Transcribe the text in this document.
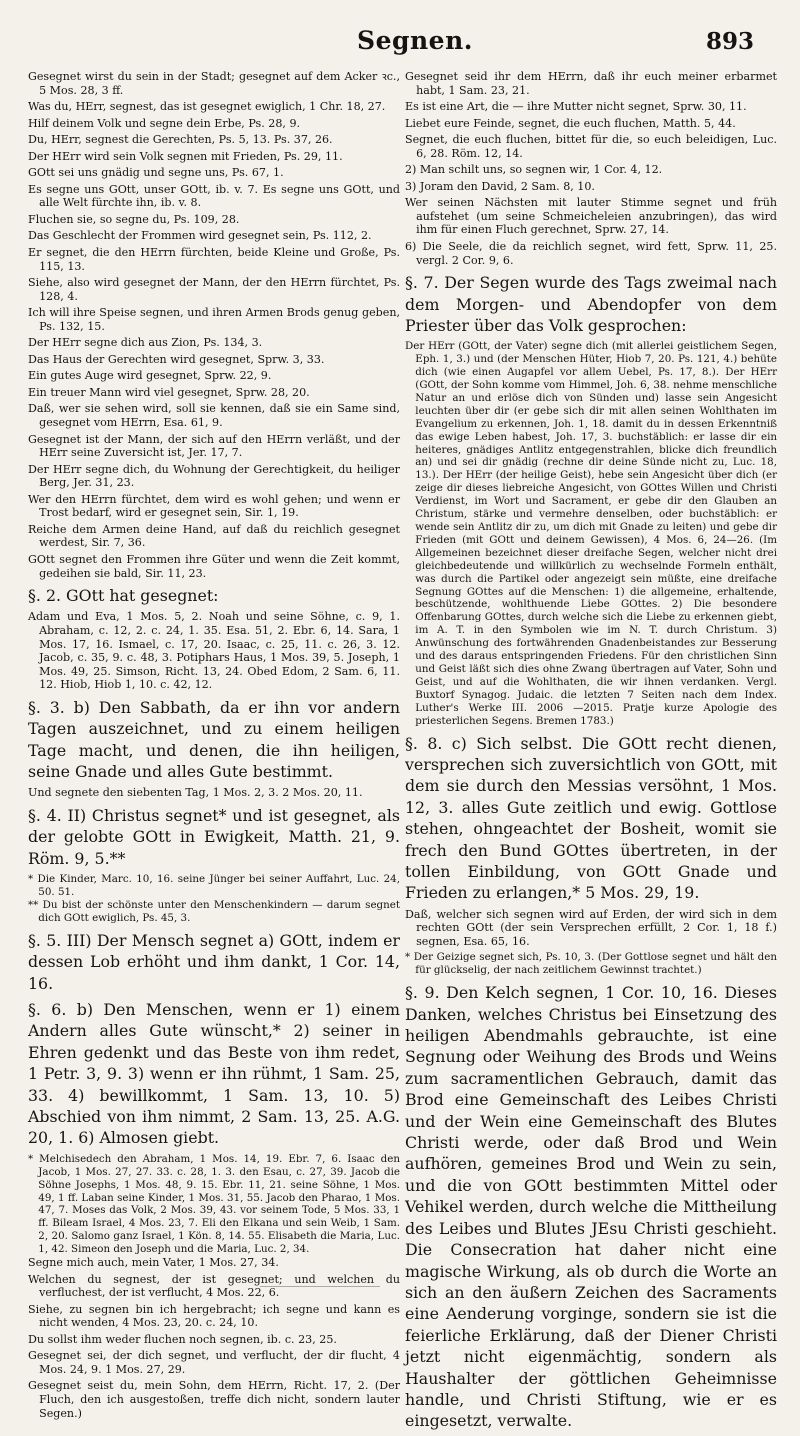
Segnen.	893

Gesegnet wirst du sein in der Stadt; gesegnet auf dem Acker ꝛc., 5 Mos. 28, 3 ff.

Was du, HErr, segnest, das ist gesegnet ewiglich, 1 Chr. 18, 27.

Hilf deinem Volk und segne dein Erbe, Ps. 28, 9.

Du, HErr, segnest die Gerechten, Ps. 5, 13. Ps. 37, 26.

Der HErr wird sein Volk segnen mit Frieden, Ps. 29, 11.

GOtt sei uns gnädig und segne uns, Ps. 67, 1.

Es segne uns GOtt, unser GOtt, ib. v. 7. Es segne uns GOtt, und alle Welt fürchte ihn, ib. v. 8.

Fluchen sie, so segne du, Ps. 109, 28.

Das Geschlecht der Frommen wird gesegnet sein, Ps. 112, 2.

Er segnet, die den HErrn fürchten, beide Kleine und Große, Ps. 115, 13.

Siehe, also wird gesegnet der Mann, der den HErrn fürchtet, Ps. 128, 4.

Ich will ihre Speise segnen, und ihren Armen Brods genug geben, Ps. 132, 15.

Der HErr segne dich aus Zion, Ps. 134, 3.

Das Haus der Gerechten wird gesegnet, Sprw. 3, 33.

Ein gutes Auge wird gesegnet, Sprw. 22, 9.

Ein treuer Mann wird viel gesegnet, Sprw. 28, 20.

Daß, wer sie sehen wird, soll sie kennen, daß sie ein Same sind, gesegnet vom HErrn, Esa. 61, 9.

Gesegnet ist der Mann, der sich auf den HErrn verläßt, und der HErr seine Zuversicht ist, Jer. 17, 7.

Der HErr segne dich, du Wohnung der Gerechtigkeit, du heiliger Berg, Jer. 31, 23.

Wer den HErrn fürchtet, dem wird es wohl gehen; und wenn er Trost bedarf, wird er gesegnet sein, Sir. 1, 19.

Reiche dem Armen deine Hand, auf daß du reichlich gesegnet werdest, Sir. 7, 36.

GOtt segnet den Frommen ihre Güter und wenn die Zeit kommt, gedeihen sie bald, Sir. 11, 23.

§. 2. GOtt hat gesegnet:

Adam und Eva, 1 Mos. 5, 2. Noah und seine Söhne, c. 9, 1. Abraham, c. 12, 2. c. 24, 1. 35. Esa. 51, 2. Ebr. 6, 14. Sara, 1 Mos. 17, 16. Ismael, c. 17, 20. Isaac, c. 25, 11. c. 26, 3. 12. Jacob, c. 35, 9. c. 48, 3. Potiphars Haus, 1 Mos. 39, 5. Joseph, 1 Mos. 49, 25. Simson, Richt. 13, 24. Obed Edom, 2 Sam. 6, 11. 12. Hiob, Hiob 1, 10. c. 42, 12.

§. 3. b) Den Sabbath, da er ihn vor andern Tagen auszeichnet, und zu einem heiligen Tage macht, und denen, die ihn heiligen, seine Gnade und alles Gute bestimmt.

Und segnete den siebenten Tag, 1 Mos. 2, 3. 2 Mos. 20, 11.

§. 4. II) Christus segnet* und ist gesegnet, als der gelobte GOtt in Ewigkeit, Matth. 21, 9. Röm. 9, 5.**

* Die Kinder, Marc. 10, 16. seine Jünger bei seiner Auffahrt, Luc. 24, 50. 51.

** Du bist der schönste unter den Menschenkindern — darum segnet dich GOtt ewiglich, Ps. 45, 3.

§. 5. III) Der Mensch segnet a) GOtt, indem er dessen Lob erhöht und ihm dankt, 1 Cor. 14, 16.

§. 6. b) Den Menschen, wenn er 1) einem Andern alles Gute wünscht,* 2) seiner in Ehren gedenkt und das Beste von ihm redet, 1 Petr. 3, 9. 3) wenn er ihn rühmt, 1 Sam. 25, 33. 4) bewillkommt, 1 Sam. 13, 10. 5) Abschied von ihm nimmt, 2 Sam. 13, 25. A.G. 20, 1. 6) Almosen giebt.

* Melchisedech den Abraham, 1 Mos. 14, 19. Ebr. 7, 6. Isaac den Jacob, 1 Mos. 27, 27. 33. c. 28, 1. 3. den Esau, c. 27, 39. Jacob die Söhne Josephs, 1 Mos. 48, 9. 15. Ebr. 11, 21. seine Söhne, 1 Mos. 49, 1 ff. Laban seine Kinder, 1 Mos. 31, 55. Jacob den Pharao, 1 Mos. 47, 7. Moses das Volk, 2 Mos. 39, 43. vor seinem Tode, 5 Mos. 33, 1 ff. Bileam Israel, 4 Mos. 23, 7. Eli den Elkana und sein Weib, 1 Sam. 2, 20. Salomo ganz Israel, 1 Kön. 8, 14. 55. Elisabeth die Maria, Luc. 1, 42. Simeon den Joseph und die Maria, Luc. 2, 34.

Segne mich auch, mein Vater, 1 Mos. 27, 34.

Welchen du segnest, der ist gesegnet; und welchen du verfluchest, der ist verflucht, 4 Mos. 22, 6.

Siehe, zu segnen bin ich hergebracht; ich segne und kann es nicht wenden, 4 Mos. 23, 20. c. 24, 10.

Du sollst ihm weder fluchen noch segnen, ib. c. 23, 25.

Gesegnet sei, der dich segnet, und verflucht, der dir flucht, 4 Mos. 24, 9. 1 Mos. 27, 29.

Gesegnet seist du, mein Sohn, dem HErrn, Richt. 17, 2. (Der Fluch, den ich ausgestoßen, treffe dich nicht, sondern lauter Segen.)

Gesegnet seid ihr dem HErrn, daß ihr euch meiner erbarmet habt, 1 Sam. 23, 21.

Es ist eine Art, die — ihre Mutter nicht segnet, Sprw. 30, 11.

Liebet eure Feinde, segnet, die euch fluchen, Matth. 5, 44.

Segnet, die euch fluchen, bittet für die, so euch beleidigen, Luc. 6, 28. Röm. 12, 14.

2) Man schilt uns, so segnen wir, 1 Cor. 4, 12.

3) Joram den David, 2 Sam. 8, 10.

Wer seinen Nächsten mit lauter Stimme segnet und früh aufstehet (um seine Schmeicheleien anzubringen), das wird ihm für einen Fluch gerechnet, Sprw. 27, 14.

6) Die Seele, die da reichlich segnet, wird fett, Sprw. 11, 25. vergl. 2 Cor. 9, 6.

§. 7. Der Segen wurde des Tags zweimal nach dem Morgen- und Abendopfer von dem Priester über das Volk gesprochen:

Der HErr (GOtt, der Vater) segne dich (mit allerlei geistlichem Segen, Eph. 1, 3.) und (der Menschen Hüter, Hiob 7, 20. Ps. 121, 4.) behüte dich (wie einen Augapfel vor allem Uebel, Ps. 17, 8.). Der HErr (GOtt, der Sohn komme vom Himmel, Joh. 6, 38. nehme menschliche Natur an und erlöse dich von Sünden und) lasse sein Angesicht leuchten über dir (er gebe sich dir mit allen seinen Wohlthaten im Evangelium zu erkennen, Joh. 1, 18. damit du in dessen Erkenntniß das ewige Leben habest, Joh. 17, 3. buchstäblich: er lasse dir ein heiteres, gnädiges Antlitz entgegenstrahlen, blicke dich freundlich an) und sei dir gnädig (rechne dir deine Sünde nicht zu, Luc. 18, 13.). Der HErr (der heilige Geist), hebe sein Angesicht über dich (er zeige dir dieses liebreiche Angesicht, von GOttes Willen und Christi Verdienst, im Wort und Sacrament, er gebe dir den Glauben an Christum, stärke und vermehre denselben, oder buchstäblich: er wende sein Antlitz dir zu, um dich mit Gnade zu leiten) und gebe dir Frieden (mit GOtt und deinem Gewissen), 4 Mos. 6, 24—26. (Im Allgemeinen bezeichnet dieser dreifache Segen, welcher nicht drei gleichbedeutende und willkürlich zu wechselnde Formeln enthält, was durch die Partikel oder angezeigt sein müßte, eine dreifache Segnung GOttes auf die Menschen: 1) die allgemeine, erhaltende, beschützende, wohlthuende Liebe GOttes. 2) Die besondere Offenbarung GOttes, durch welche sich die Liebe zu erkennen giebt, im A. T. in den Symbolen wie im N. T. durch Christum. 3) Anwünschung des fortwährenden Gnadenbeistandes zur Besserung und des daraus entspringenden Friedens. Für den christlichen Sinn und Geist läßt sich dies ohne Zwang übertragen auf Vater, Sohn und Geist, und auf die Wohlthaten, die wir ihnen verdanken. Vergl. Buxtorf Synagog. Judaic. die letzten 7 Seiten nach dem Index. Luther's Werke III. 2006 —2015. Pratje kurze Apologie des priesterlichen Segens. Bremen 1783.)

§. 8. c) Sich selbst. Die GOtt recht dienen, versprechen sich zuversichtlich von GOtt, mit dem sie durch den Messias versöhnt, 1 Mos. 12, 3. alles Gute zeitlich und ewig. Gottlose stehen, ohngeachtet der Bosheit, womit sie frech den Bund GOttes übertreten, in der tollen Einbildung, von GOtt Gnade und Frieden zu erlangen,* 5 Mos. 29, 19.

Daß, welcher sich segnen wird auf Erden, der wird sich in dem rechten GOtt (der sein Versprechen erfüllt, 2 Cor. 1, 18 f.) segnen, Esa. 65, 16.

* Der Geizige segnet sich, Ps. 10, 3. (Der Gottlose segnet und hält den für glückselig, der nach zeitlichem Gewinnst trachtet.)

§. 9. Den Kelch segnen, 1 Cor. 10, 16. Dieses Danken, welches Christus bei Einsetzung des heiligen Abendmahls gebrauchte, ist eine Segnung oder Weihung des Brods und Weins zum sacramentlichen Gebrauch, damit das Brod eine Gemeinschaft des Leibes Christi und der Wein eine Gemeinschaft des Blutes Christi werde, oder daß Brod und Wein aufhören, gemeines Brod und Wein zu sein, und die von GOtt bestimmten Mittel oder Vehikel werden, durch welche die Mittheilung des Leibes und Blutes JEsu Christi geschieht. Die Consecration hat daher nicht eine magische Wirkung, als ob durch die Worte an sich an den äußern Zeichen des Sacraments eine Aenderung vorginge, sondern sie ist die feierliche Erklärung, daß der Diener Christi jetzt nicht eigenmächtig, sondern als Haushalter der göttlichen Geheimnisse handle, und Christi Stiftung, wie er es eingesetzt, verwalte.
